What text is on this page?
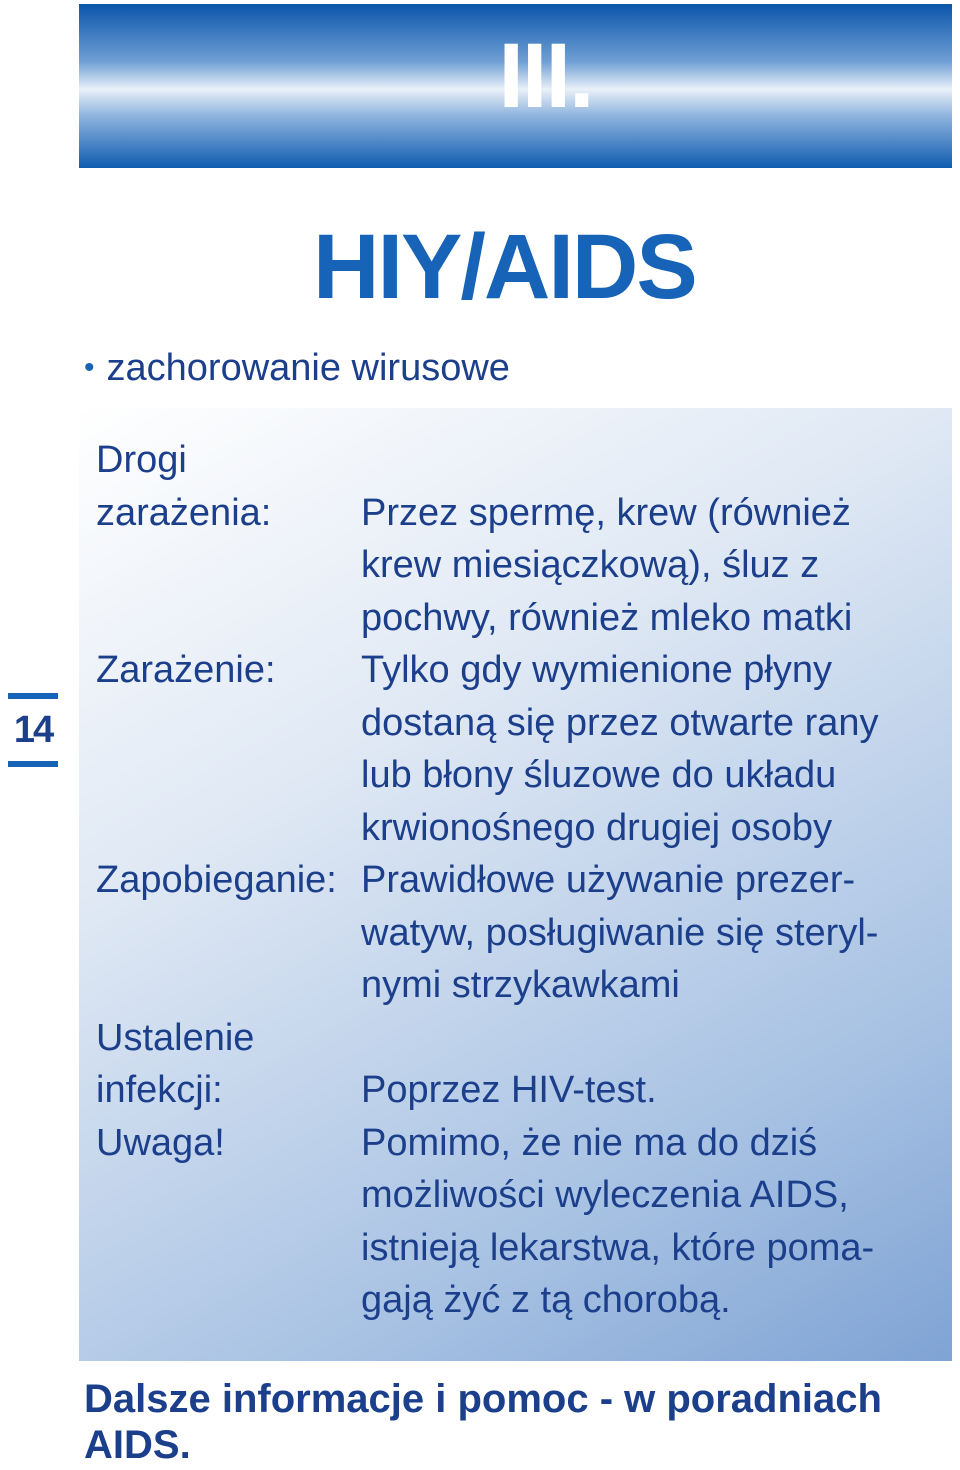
III.
HIY/AIDS
• zachorowanie wirusowe
14
Drogi
zarażenia: Przez spermę, krew (również
krew miesiączkową), śluz z
pochwy, również mleko matki
Zarażenie: Tylko gdy wymienione płyny
dostaną się przez otwarte rany
lub błony śluzowe do układu
krwionośnego drugiej osoby
Zapobieganie: Prawidłowe używanie prezer-
watyw, posługiwanie się steryl-
nymi strzykawkami
Ustalenie
infekcji:	Poprzez HIV-test.
Uwaga!	Pomimo, że nie ma do dziś
możliwości wyleczenia AIDS,
istnieją lekarstwa, które poma-
gają żyć z tą chorobą.
Dalsze informacje i pomoc - w poradniach AIDS.
